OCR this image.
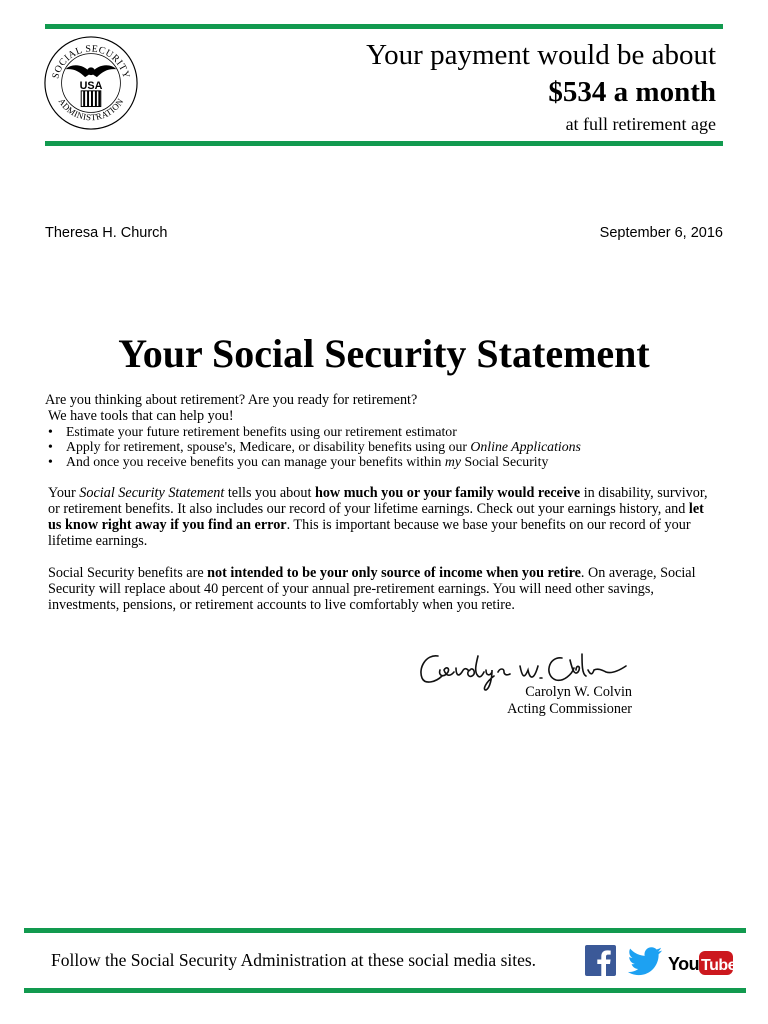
SOCIAL SECURITY
ADMINISTRATION
USA
Your payment would be about
$534 a month
at full retirement age
Theresa H. Church	September 6, 2016
Your Social Security Statement
Are you thinking about retirement? Are you ready for retirement?
We have tools that can help you!
• Estimate your future retirement benefits using our retirement estimator
• Apply for retirement, spouse's, Medicare, or disability benefits using our Online Applications
• And once you receive benefits you can manage your benefits within my Social Security

Your Social Security Statement tells you about how much you or your family would receive in disability, survivor, or retirement benefits. It also includes our record of your lifetime earnings. Check out your earnings history, and let us know right away if you find an error. This is important because we base your benefits on our record of your lifetime earnings.

Social Security benefits are not intended to be your only source of income when you retire. On average, Social Security will replace about 40 percent of your annual pre-retirement earnings. You will need other savings, investments, pensions, or retirement accounts to live comfortably when you retire.

Carolyn W. Colvin
Acting Commissioner
Follow the Social Security Administration at these social media sites.	You Tube
